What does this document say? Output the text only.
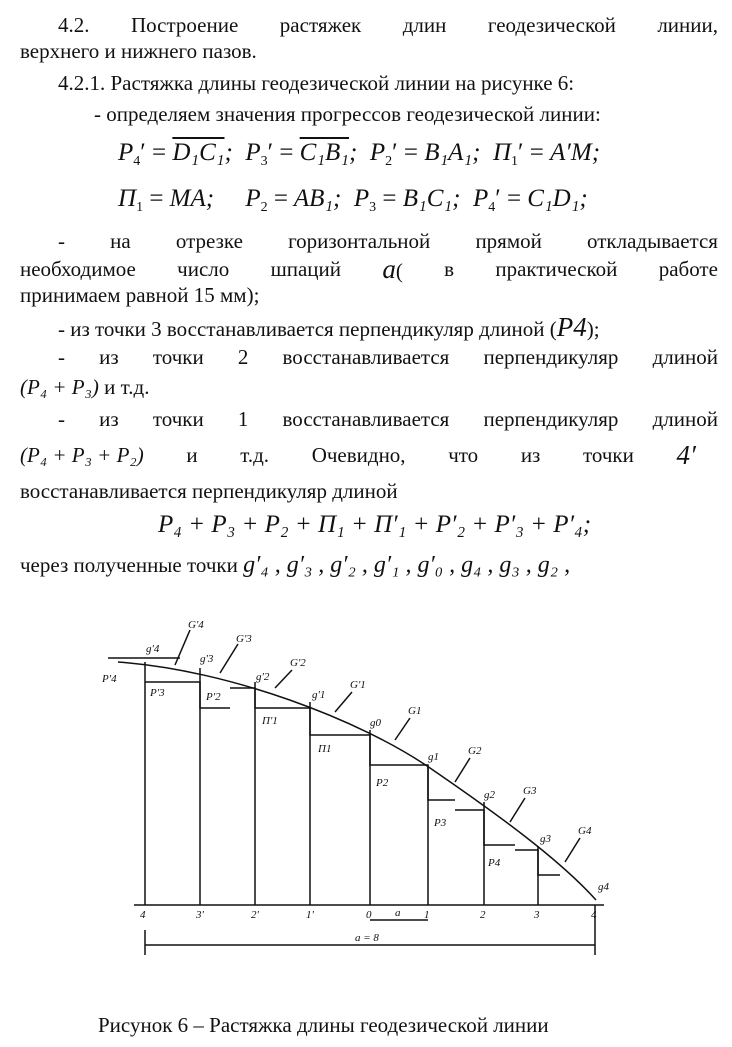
4.2. Построение растяжек длин геодезической линии,
верхнего и нижнего пазов.
4.2.1. Растяжка длины геодезической линии на рисунке 6:
- определяем значения прогрессов геодезической линии:
$P_4' = D_1C_1$;  $P_3' = C_1B_1$;  $P_2' = B_1A_1$;  $П_1' = A'M$;
$П_1$ = MA;     $P_2 = AB_1$;  $P_3 = B_1C_1$;  $P_4' = C_1D_1$;
- на отрезке горизонтальной прямой откладывается
необходимое число шпаций a( в практической работе
принимаем равной 15 мм);
- из точки 3 восстанавливается перпендикуляр длиной (P4);
- из точки 2 восстанавливается перпендикуляр длиной
(P₄ + P₃) и т.д.
- из точки 1 восстанавливается перпендикуляр длиной
(P₄ + P₃ + P₂) и т.д. Очевидно, что из точки 4′
восстанавливается перпендикуляр длиной
P₄ + P₃ + P₂ + П₁ + П′₁ + P′₂ + P′₃ + P′₄;
через полученные точки g′₄ , g′₃ , g′₂ , g′₁ , g′₀ , g₄ , g₃ , g₂ ,
G'4
G'3
G'2
G'1
G1
G2
G3
G4
g'4
g'3
g'2
g'1
g0
g1
g2
g3
g4
P'4
P'3	P'2
П'1
П1
P2
P3
P4
4	3'	2'	1'	0	1	2	3	4
a
a = 8
Рисунок 6 – Растяжка длины геодезической линии
